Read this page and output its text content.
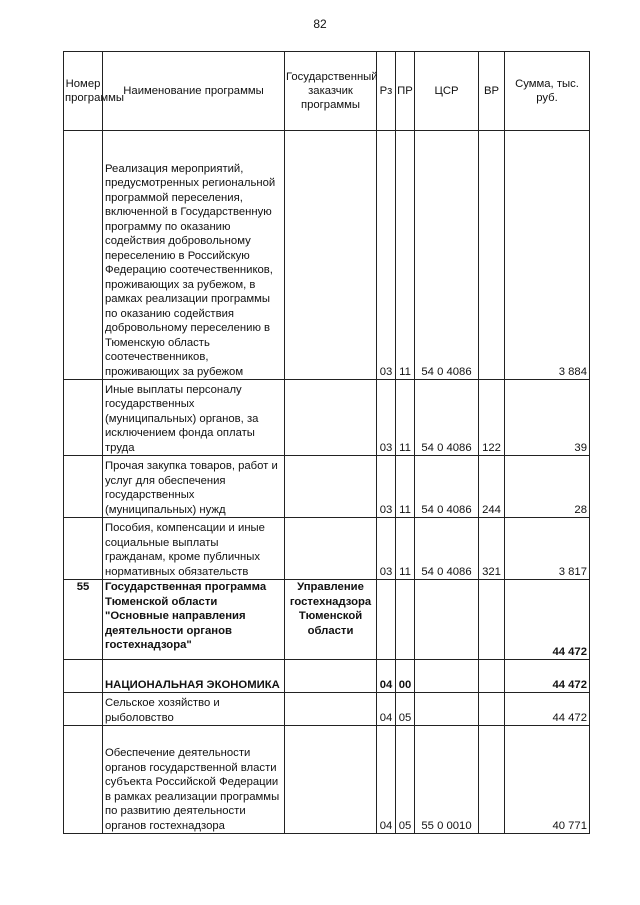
82
Номер программы	Наименование программы	Государственный заказчик программы	Рз	ПР	ЦСР	ВР	Сумма, тыс. руб.
	Реализация мероприятий, предусмотренных региональной программой переселения, включенной в Государственную программу по оказанию содействия добровольному переселению в Российскую Федерацию соотечественников, проживающих за рубежом, в рамках реализации программы по оказанию содействия добровольному переселению в Тюменскую область соотечественников, проживающих за рубежом		03	11	54 0 4086		3 884
	Иные выплаты персоналу государственных (муниципальных) органов, за исключением фонда оплаты труда		03	11	54 0 4086	122	39
	Прочая закупка товаров, работ и услуг для обеспечения государственных (муниципальных) нужд		03	11	54 0 4086	244	28
	Пособия, компенсации и иные социальные выплаты гражданам, кроме публичных нормативных обязательств		03	11	54 0 4086	321	3 817
55	Государственная программа Тюменской области "Основные направления деятельности органов гостехнадзора"	Управление гостехнадзора Тюменской области					44 472
	НАЦИОНАЛЬНАЯ ЭКОНОМИКА		04	00			44 472
	Сельское хозяйство и рыболовство		04	05			44 472
	Обеспечение деятельности органов государственной власти субъекта Российской Федерации в рамках реализации программы по развитию деятельности органов гостехнадзора		04	05	55 0 0010		40 771
